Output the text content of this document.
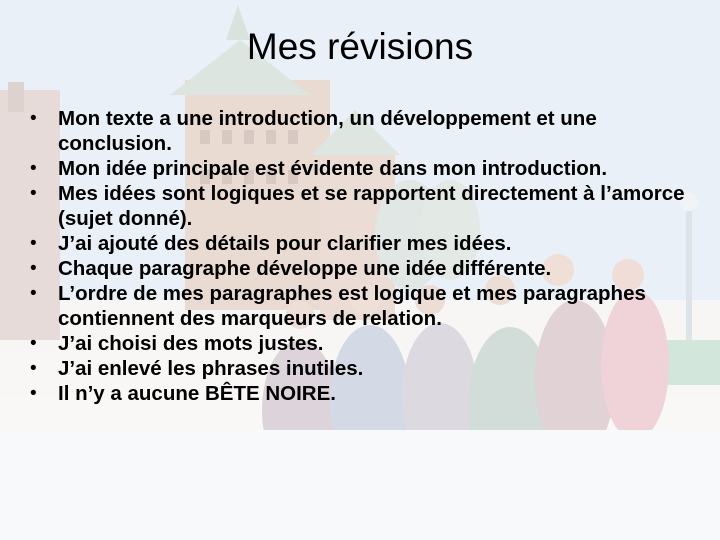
Mes révisions
• Mon texte a une introduction, un développement et une conclusion.
• Mon idée principale est évidente dans mon introduction.
• Mes idées sont logiques et se rapportent directement à l’amorce (sujet donné).
• J’ai ajouté des détails pour clarifier mes idées.
• Chaque paragraphe développe une idée différente.
• L’ordre de mes paragraphes est logique et mes paragraphes contiennent des marqueurs de relation.
• J’ai choisi des mots justes.
• J’ai enlevé les phrases inutiles.
• Il n’y a aucune BÊTE NOIRE.
